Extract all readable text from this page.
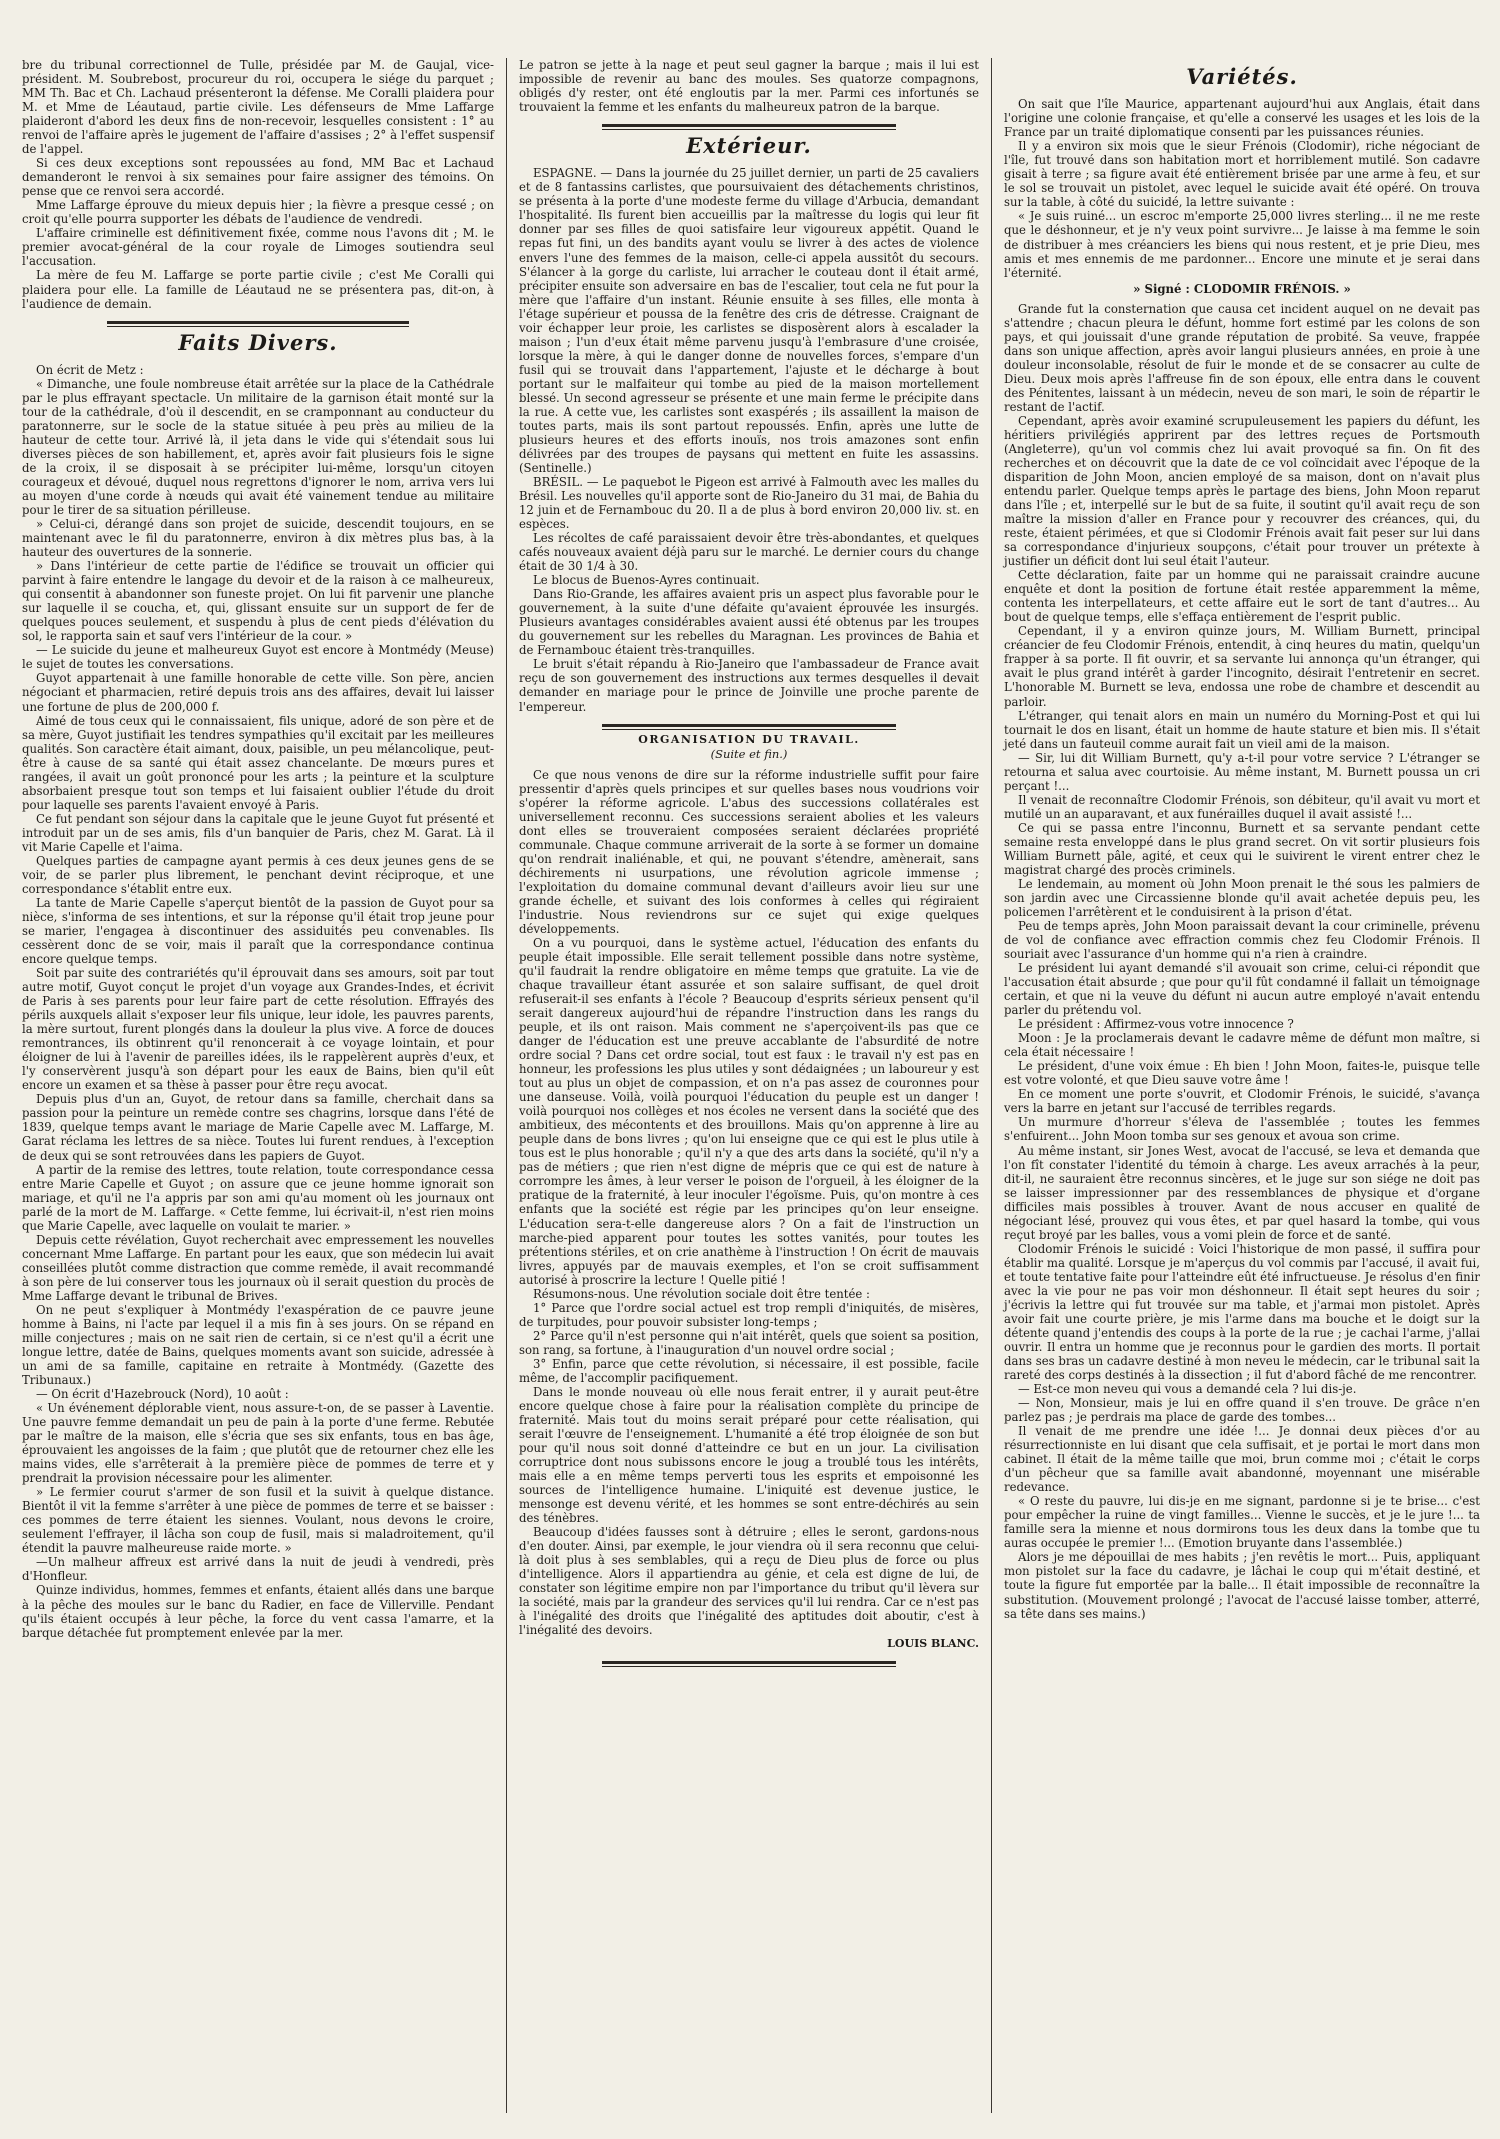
bre du tribunal correctionnel de Tulle, présidée par M. de Gaujal, vice-président. M. Soubrebost, procureur du roi, occupera le siége du parquet ; MM Th. Bac et Ch. Lachaud présenteront la défense. Me Coralli plaidera pour M. et Mme de Léautaud, partie civile. Les défenseurs de Mme Laffarge plaideront d'abord les deux fins de non-recevoir, lesquelles consistent : 1° au renvoi de l'affaire après le jugement de l'affaire d'assises ; 2° à l'effet suspensif de l'appel.

Si ces deux exceptions sont repoussées au fond, MM Bac et Lachaud demanderont le renvoi à six semaines pour faire assigner des témoins. On pense que ce renvoi sera accordé.

Mme Laffarge éprouve du mieux depuis hier ; la fièvre a presque cessé ; on croit qu'elle pourra supporter les débats de l'audience de vendredi.

L'affaire criminelle est définitivement fixée, comme nous l'avons dit ; M. le premier avocat-général de la cour royale de Limoges soutiendra seul l'accusation.

La mère de feu M. Laffarge se porte partie civile ; c'est Me Coralli qui plaidera pour elle. La famille de Léautaud ne se présentera pas, dit-on, à l'audience de demain.

Faits Divers.

On écrit de Metz :

« Dimanche, une foule nombreuse était arrêtée sur la place de la Cathédrale par le plus effrayant spectacle. Un militaire de la garnison était monté sur la tour de la cathédrale, d'où il descendit, en se cramponnant au conducteur du paratonnerre, sur le socle de la statue située à peu près au milieu de la hauteur de cette tour. Arrivé là, il jeta dans le vide qui s'étendait sous lui diverses pièces de son habillement, et, après avoir fait plusieurs fois le signe de la croix, il se disposait à se précipiter lui-même, lorsqu'un citoyen courageux et dévoué, duquel nous regrettons d'ignorer le nom, arriva vers lui au moyen d'une corde à nœuds qui avait été vainement tendue au militaire pour le tirer de sa situation périlleuse.

» Celui-ci, dérangé dans son projet de suicide, descendit toujours, en se maintenant avec le fil du paratonnerre, environ à dix mètres plus bas, à la hauteur des ouvertures de la sonnerie.

» Dans l'intérieur de cette partie de l'édifice se trouvait un officier qui parvint à faire entendre le langage du devoir et de la raison à ce malheureux, qui consentit à abandonner son funeste projet. On lui fit parvenir une planche sur laquelle il se coucha, et, qui, glissant ensuite sur un support de fer de quelques pouces seulement, et suspendu à plus de cent pieds d'élévation du sol, le rapporta sain et sauf vers l'intérieur de la cour. »

— Le suicide du jeune et malheureux Guyot est encore à Montmédy (Meuse) le sujet de toutes les conversations.

Guyot appartenait à une famille honorable de cette ville. Son père, ancien négociant et pharmacien, retiré depuis trois ans des affaires, devait lui laisser une fortune de plus de 200,000 f.

Aimé de tous ceux qui le connaissaient, fils unique, adoré de son père et de sa mère, Guyot justifiait les tendres sympathies qu'il excitait par les meilleures qualités. Son caractère était aimant, doux, paisible, un peu mélancolique, peut-être à cause de sa santé qui était assez chancelante. De mœurs pures et rangées, il avait un goût prononcé pour les arts ; la peinture et la sculpture absorbaient presque tout son temps et lui faisaient oublier l'étude du droit pour laquelle ses parents l'avaient envoyé à Paris.

Ce fut pendant son séjour dans la capitale que le jeune Guyot fut présenté et introduit par un de ses amis, fils d'un banquier de Paris, chez M. Garat. Là il vit Marie Capelle et l'aima.

Quelques parties de campagne ayant permis à ces deux jeunes gens de se voir, de se parler plus librement, le penchant devint réciproque, et une correspondance s'établit entre eux.

La tante de Marie Capelle s'aperçut bientôt de la passion de Guyot pour sa nièce, s'informa de ses intentions, et sur la réponse qu'il était trop jeune pour se marier, l'engagea à discontinuer des assiduités peu convenables. Ils cessèrent donc de se voir, mais il paraît que la correspondance continua encore quelque temps.

Soit par suite des contrariétés qu'il éprouvait dans ses amours, soit par tout autre motif, Guyot conçut le projet d'un voyage aux Grandes-Indes, et écrivit de Paris à ses parents pour leur faire part de cette résolution. Effrayés des périls auxquels allait s'exposer leur fils unique, leur idole, les pauvres parents, la mère surtout, furent plongés dans la douleur la plus vive. A force de douces remontrances, ils obtinrent qu'il renoncerait à ce voyage lointain, et pour éloigner de lui à l'avenir de pareilles idées, ils le rappelèrent auprès d'eux, et l'y conservèrent jusqu'à son départ pour les eaux de Bains, bien qu'il eût encore un examen et sa thèse à passer pour être reçu avocat.

Depuis plus d'un an, Guyot, de retour dans sa famille, cherchait dans sa passion pour la peinture un remède contre ses chagrins, lorsque dans l'été de 1839, quelque temps avant le mariage de Marie Capelle avec M. Laffarge, M. Garat réclama les lettres de sa nièce. Toutes lui furent rendues, à l'exception de deux qui se sont retrouvées dans les papiers de Guyot.

A partir de la remise des lettres, toute relation, toute correspondance cessa entre Marie Capelle et Guyot ; on assure que ce jeune homme ignorait son mariage, et qu'il ne l'a appris par son ami qu'au moment où les journaux ont parlé de la mort de M. Laffarge. « Cette femme, lui écrivait-il, n'est rien moins que Marie Capelle, avec laquelle on voulait te marier. »

Depuis cette révélation, Guyot recherchait avec empressement les nouvelles concernant Mme Laffarge. En partant pour les eaux, que son médecin lui avait conseillées plutôt comme distraction que comme remède, il avait recommandé à son père de lui conserver tous les journaux où il serait question du procès de Mme Laffarge devant le tribunal de Brives.

On ne peut s'expliquer à Montmédy l'exaspération de ce pauvre jeune homme à Bains, ni l'acte par lequel il a mis fin à ses jours. On se répand en mille conjectures ; mais on ne sait rien de certain, si ce n'est qu'il a écrit une longue lettre, datée de Bains, quelques moments avant son suicide, adressée à un ami de sa famille, capitaine en retraite à Montmédy. (Gazette des Tribunaux.)

— On écrit d'Hazebrouck (Nord), 10 août :

« Un événement déplorable vient, nous assure-t-on, de se passer à Laventie. Une pauvre femme demandait un peu de pain à la porte d'une ferme. Rebutée par le maître de la maison, elle s'écria que ses six enfants, tous en bas âge, éprouvaient les angoisses de la faim ; que plutôt que de retourner chez elle les mains vides, elle s'arrêterait à la première pièce de pommes de terre et y prendrait la provision nécessaire pour les alimenter.

» Le fermier courut s'armer de son fusil et la suivit à quelque distance. Bientôt il vit la femme s'arrêter à une pièce de pommes de terre et se baisser : ces pommes de terre étaient les siennes. Voulant, nous devons le croire, seulement l'effrayer, il lâcha son coup de fusil, mais si maladroitement, qu'il étendit la pauvre malheureuse raide morte. »

—Un malheur affreux est arrivé dans la nuit de jeudi à vendredi, près d'Honfleur.

Quinze individus, hommes, femmes et enfants, étaient allés dans une barque à la pêche des moules sur le banc du Radier, en face de Villerville. Pendant qu'ils étaient occupés à leur pêche, la force du vent cassa l'amarre, et la barque détachée fut promptement enlevée par la mer.

Le patron se jette à la nage et peut seul gagner la barque ; mais il lui est impossible de revenir au banc des moules. Ses quatorze compagnons, obligés d'y rester, ont été engloutis par la mer. Parmi ces infortunés se trouvaient la femme et les enfants du malheureux patron de la barque.

Extérieur.

ESPAGNE. — Dans la journée du 25 juillet dernier, un parti de 25 cavaliers et de 8 fantassins carlistes, que poursuivaient des détachements christinos, se présenta à la porte d'une modeste ferme du village d'Arbucia, demandant l'hospitalité. Ils furent bien accueillis par la maîtresse du logis qui leur fit donner par ses filles de quoi satisfaire leur vigoureux appétit. Quand le repas fut fini, un des bandits ayant voulu se livrer à des actes de violence envers l'une des femmes de la maison, celle-ci appela aussitôt du secours. S'élancer à la gorge du carliste, lui arracher le couteau dont il était armé, précipiter ensuite son adversaire en bas de l'escalier, tout cela ne fut pour la mère que l'affaire d'un instant. Réunie ensuite à ses filles, elle monta à l'étage supérieur et poussa de la fenêtre des cris de détresse. Craignant de voir échapper leur proie, les carlistes se disposèrent alors à escalader la maison ; l'un d'eux était même parvenu jusqu'à l'embrasure d'une croisée, lorsque la mère, à qui le danger donne de nouvelles forces, s'empare d'un fusil qui se trouvait dans l'appartement, l'ajuste et le décharge à bout portant sur le malfaiteur qui tombe au pied de la maison mortellement blessé. Un second agresseur se présente et une main ferme le précipite dans la rue. A cette vue, les carlistes sont exaspérés ; ils assaillent la maison de toutes parts, mais ils sont partout repoussés. Enfin, après une lutte de plusieurs heures et des efforts inouïs, nos trois amazones sont enfin délivrées par des troupes de paysans qui mettent en fuite les assassins. (Sentinelle.)

BRÉSIL. — Le paquebot le Pigeon est arrivé à Falmouth avec les malles du Brésil. Les nouvelles qu'il apporte sont de Rio-Janeiro du 31 mai, de Bahia du 12 juin et de Fernambouc du 20. Il a de plus à bord environ 20,000 liv. st. en espèces.

Les récoltes de café paraissaient devoir être très-abondantes, et quelques cafés nouveaux avaient déjà paru sur le marché. Le dernier cours du change était de 30 1/4 à 30.

Le blocus de Buenos-Ayres continuait.

Dans Rio-Grande, les affaires avaient pris un aspect plus favorable pour le gouvernement, à la suite d'une défaite qu'avaient éprouvée les insurgés. Plusieurs avantages considérables avaient aussi été obtenus par les troupes du gouvernement sur les rebelles du Maragnan. Les provinces de Bahia et de Fernambouc étaient très-tranquilles.

Le bruit s'était répandu à Rio-Janeiro que l'ambassadeur de France avait reçu de son gouvernement des instructions aux termes desquelles il devait demander en mariage pour le prince de Joinville une proche parente de l'empereur.

ORGANISATION DU TRAVAIL.
(Suite et fin.)

Ce que nous venons de dire sur la réforme industrielle suffit pour faire pressentir d'après quels principes et sur quelles bases nous voudrions voir s'opérer la réforme agricole. L'abus des successions collatérales est universellement reconnu. Ces successions seraient abolies et les valeurs dont elles se trouveraient composées seraient déclarées propriété communale. Chaque commune arriverait de la sorte à se former un domaine qu'on rendrait inaliénable, et qui, ne pouvant s'étendre, amènerait, sans déchirements ni usurpations, une révolution agricole immense ; l'exploitation du domaine communal devant d'ailleurs avoir lieu sur une grande échelle, et suivant des lois conformes à celles qui régiraient l'industrie. Nous reviendrons sur ce sujet qui exige quelques développements.

On a vu pourquoi, dans le système actuel, l'éducation des enfants du peuple était impossible. Elle serait tellement possible dans notre système, qu'il faudrait la rendre obligatoire en même temps que gratuite. La vie de chaque travailleur étant assurée et son salaire suffisant, de quel droit refuserait-il ses enfants à l'école ? Beaucoup d'esprits sérieux pensent qu'il serait dangereux aujourd'hui de répandre l'instruction dans les rangs du peuple, et ils ont raison. Mais comment ne s'aperçoivent-ils pas que ce danger de l'éducation est une preuve accablante de l'absurdité de notre ordre social ? Dans cet ordre social, tout est faux : le travail n'y est pas en honneur, les professions les plus utiles y sont dédaignées ; un laboureur y est tout au plus un objet de compassion, et on n'a pas assez de couronnes pour une danseuse. Voilà, voilà pourquoi l'éducation du peuple est un danger ! voilà pourquoi nos collèges et nos écoles ne versent dans la société que des ambitieux, des mécontents et des brouillons. Mais qu'on apprenne à lire au peuple dans de bons livres ; qu'on lui enseigne que ce qui est le plus utile à tous est le plus honorable ; qu'il n'y a que des arts dans la société, qu'il n'y a pas de métiers ; que rien n'est digne de mépris que ce qui est de nature à corrompre les âmes, à leur verser le poison de l'orgueil, à les éloigner de la pratique de la fraternité, à leur inoculer l'égoïsme. Puis, qu'on montre à ces enfants que la société est régie par les principes qu'on leur enseigne. L'éducation sera-t-elle dangereuse alors ? On a fait de l'instruction un marche-pied apparent pour toutes les sottes vanités, pour toutes les prétentions stériles, et on crie anathème à l'instruction ! On écrit de mauvais livres, appuyés par de mauvais exemples, et l'on se croit suffisamment autorisé à proscrire la lecture ! Quelle pitié !

Résumons-nous. Une révolution sociale doit être tentée :

1° Parce que l'ordre social actuel est trop rempli d'iniquités, de misères, de turpitudes, pour pouvoir subsister long-temps ;

2° Parce qu'il n'est personne qui n'ait intérêt, quels que soient sa position, son rang, sa fortune, à l'inauguration d'un nouvel ordre social ;

3° Enfin, parce que cette révolution, si nécessaire, il est possible, facile même, de l'accomplir pacifiquement.

Dans le monde nouveau où elle nous ferait entrer, il y aurait peut-être encore quelque chose à faire pour la réalisation complète du principe de fraternité. Mais tout du moins serait préparé pour cette réalisation, qui serait l'œuvre de l'enseignement. L'humanité a été trop éloignée de son but pour qu'il nous soit donné d'atteindre ce but en un jour. La civilisation corruptrice dont nous subissons encore le joug a troublé tous les intérêts, mais elle a en même temps perverti tous les esprits et empoisonné les sources de l'intelligence humaine. L'iniquité est devenue justice, le mensonge est devenu vérité, et les hommes se sont entre-déchirés au sein des ténèbres.

Beaucoup d'idées fausses sont à détruire ; elles le seront, gardons-nous d'en douter. Ainsi, par exemple, le jour viendra où il sera reconnu que celui-là doit plus à ses semblables, qui a reçu de Dieu plus de force ou plus d'intelligence. Alors il appartiendra au génie, et cela est digne de lui, de constater son légitime empire non par l'importance du tribut qu'il lèvera sur la société, mais par la grandeur des services qu'il lui rendra. Car ce n'est pas à l'inégalité des droits que l'inégalité des aptitudes doit aboutir, c'est à l'inégalité des devoirs.

LOUIS BLANC.
Variétés.

On sait que l'île Maurice, appartenant aujourd'hui aux Anglais, était dans l'origine une colonie française, et qu'elle a conservé les usages et les lois de la France par un traité diplomatique consenti par les puissances réunies.

Il y a environ six mois que le sieur Frénois (Clodomir), riche négociant de l'île, fut trouvé dans son habitation mort et horriblement mutilé. Son cadavre gisait à terre ; sa figure avait été entièrement brisée par une arme à feu, et sur le sol se trouvait un pistolet, avec lequel le suicide avait été opéré. On trouva sur la table, à côté du suicidé, la lettre suivante :

« Je suis ruiné... un escroc m'emporte 25,000 livres sterling... il ne me reste que le déshonneur, et je n'y veux point survivre... Je laisse à ma femme le soin de distribuer à mes créanciers les biens qui nous restent, et je prie Dieu, mes amis et mes ennemis de me pardonner... Encore une minute et je serai dans l'éternité.

» Signé : CLODOMIR FRÉNOIS. »

Grande fut la consternation que causa cet incident auquel on ne devait pas s'attendre ; chacun pleura le défunt, homme fort estimé par les colons de son pays, et qui jouissait d'une grande réputation de probité. Sa veuve, frappée dans son unique affection, après avoir langui plusieurs années, en proie à une douleur inconsolable, résolut de fuir le monde et de se consacrer au culte de Dieu. Deux mois après l'affreuse fin de son époux, elle entra dans le couvent des Pénitentes, laissant à un médecin, neveu de son mari, le soin de répartir le restant de l'actif.

Cependant, après avoir examiné scrupuleusement les papiers du défunt, les héritiers privilégiés apprirent par des lettres reçues de Portsmouth (Angleterre), qu'un vol commis chez lui avait provoqué sa fin. On fit des recherches et on découvrit que la date de ce vol coïncidait avec l'époque de la disparition de John Moon, ancien employé de sa maison, dont on n'avait plus entendu parler. Quelque temps après le partage des biens, John Moon reparut dans l'île ; et, interpellé sur le but de sa fuite, il soutint qu'il avait reçu de son maître la mission d'aller en France pour y recouvrer des créances, qui, du reste, étaient périmées, et que si Clodomir Frénois avait fait peser sur lui dans sa correspondance d'injurieux soupçons, c'était pour trouver un prétexte à justifier un déficit dont lui seul était l'auteur.

Cette déclaration, faite par un homme qui ne paraissait craindre aucune enquête et dont la position de fortune était restée apparemment la même, contenta les interpellateurs, et cette affaire eut le sort de tant d'autres... Au bout de quelque temps, elle s'effaça entièrement de l'esprit public.

Cependant, il y a environ quinze jours, M. William Burnett, principal créancier de feu Clodomir Frénois, entendit, à cinq heures du matin, quelqu'un frapper à sa porte. Il fit ouvrir, et sa servante lui annonça qu'un étranger, qui avait le plus grand intérêt à garder l'incognito, désirait l'entretenir en secret. L'honorable M. Burnett se leva, endossa une robe de chambre et descendit au parloir.

L'étranger, qui tenait alors en main un numéro du Morning-Post et qui lui tournait le dos en lisant, était un homme de haute stature et bien mis. Il s'était jeté dans un fauteuil comme aurait fait un vieil ami de la maison.

— Sir, lui dit William Burnett, qu'y a-t-il pour votre service ? L'étranger se retourna et salua avec courtoisie. Au même instant, M. Burnett poussa un cri perçant !...

Il venait de reconnaître Clodomir Frénois, son débiteur, qu'il avait vu mort et mutilé un an auparavant, et aux funérailles duquel il avait assisté !...

Ce qui se passa entre l'inconnu, Burnett et sa servante pendant cette semaine resta enveloppé dans le plus grand secret. On vit sortir plusieurs fois William Burnett pâle, agité, et ceux qui le suivirent le virent entrer chez le magistrat chargé des procès criminels.

Le lendemain, au moment où John Moon prenait le thé sous les palmiers de son jardin avec une Circassienne blonde qu'il avait achetée depuis peu, les policemen l'arrêtèrent et le conduisirent à la prison d'état.

Peu de temps après, John Moon paraissait devant la cour criminelle, prévenu de vol de confiance avec effraction commis chez feu Clodomir Frénois. Il souriait avec l'assurance d'un homme qui n'a rien à craindre.

Le président lui ayant demandé s'il avouait son crime, celui-ci répondit que l'accusation était absurde ; que pour qu'il fût condamné il fallait un témoignage certain, et que ni la veuve du défunt ni aucun autre employé n'avait entendu parler du prétendu vol.

Le président : Affirmez-vous votre innocence ?

Moon : Je la proclamerais devant le cadavre même de défunt mon maître, si cela était nécessaire !

Le président, d'une voix émue : Eh bien ! John Moon, faites-le, puisque telle est votre volonté, et que Dieu sauve votre âme !

En ce moment une porte s'ouvrit, et Clodomir Frénois, le suicidé, s'avança vers la barre en jetant sur l'accusé de terribles regards.

Un murmure d'horreur s'éleva de l'assemblée ; toutes les femmes s'enfuirent... John Moon tomba sur ses genoux et avoua son crime.

Au même instant, sir Jones West, avocat de l'accusé, se leva et demanda que l'on fît constater l'identité du témoin à charge. Les aveux arrachés à la peur, dit-il, ne sauraient être reconnus sincères, et le juge sur son siége ne doit pas se laisser impressionner par des ressemblances de physique et d'organe difficiles mais possibles à trouver. Avant de nous accuser en qualité de négociant lésé, prouvez qui vous êtes, et par quel hasard la tombe, qui vous reçut broyé par les balles, vous a vomi plein de force et de santé.

Clodomir Frénois le suicidé : Voici l'historique de mon passé, il suffira pour établir ma qualité. Lorsque je m'aperçus du vol commis par l'accusé, il avait fui, et toute tentative faite pour l'atteindre eût été infructueuse. Je résolus d'en finir avec la vie pour ne pas voir mon déshonneur. Il était sept heures du soir ; j'écrivis la lettre qui fut trouvée sur ma table, et j'armai mon pistolet. Après avoir fait une courte prière, je mis l'arme dans ma bouche et le doigt sur la détente quand j'entendis des coups à la porte de la rue ; je cachai l'arme, j'allai ouvrir. Il entra un homme que je reconnus pour le gardien des morts. Il portait dans ses bras un cadavre destiné à mon neveu le médecin, car le tribunal sait la rareté des corps destinés à la dissection ; il fut d'abord fâché de me rencontrer.

— Est-ce mon neveu qui vous a demandé cela ? lui dis-je.

— Non, Monsieur, mais je lui en offre quand il s'en trouve. De grâce n'en parlez pas ; je perdrais ma place de garde des tombes...

Il venait de me prendre une idée !... Je donnai deux pièces d'or au résurrectionniste en lui disant que cela suffisait, et je portai le mort dans mon cabinet. Il était de la même taille que moi, brun comme moi ; c'était le corps d'un pêcheur que sa famille avait abandonné, moyennant une misérable redevance.

« O reste du pauvre, lui dis-je en me signant, pardonne si je te brise... c'est pour empêcher la ruine de vingt familles... Vienne le succès, et je le jure !... ta famille sera la mienne et nous dormirons tous les deux dans la tombe que tu auras occupée le premier !... (Emotion bruyante dans l'assemblée.)

Alors je me dépouillai de mes habits ; j'en revêtis le mort... Puis, appliquant mon pistolet sur la face du cadavre, je lâchai le coup qui m'était destiné, et toute la figure fut emportée par la balle... Il était impossible de reconnaître la substitution. (Mouvement prolongé ; l'avocat de l'accusé laisse tomber, atterré, sa tête dans ses mains.)
